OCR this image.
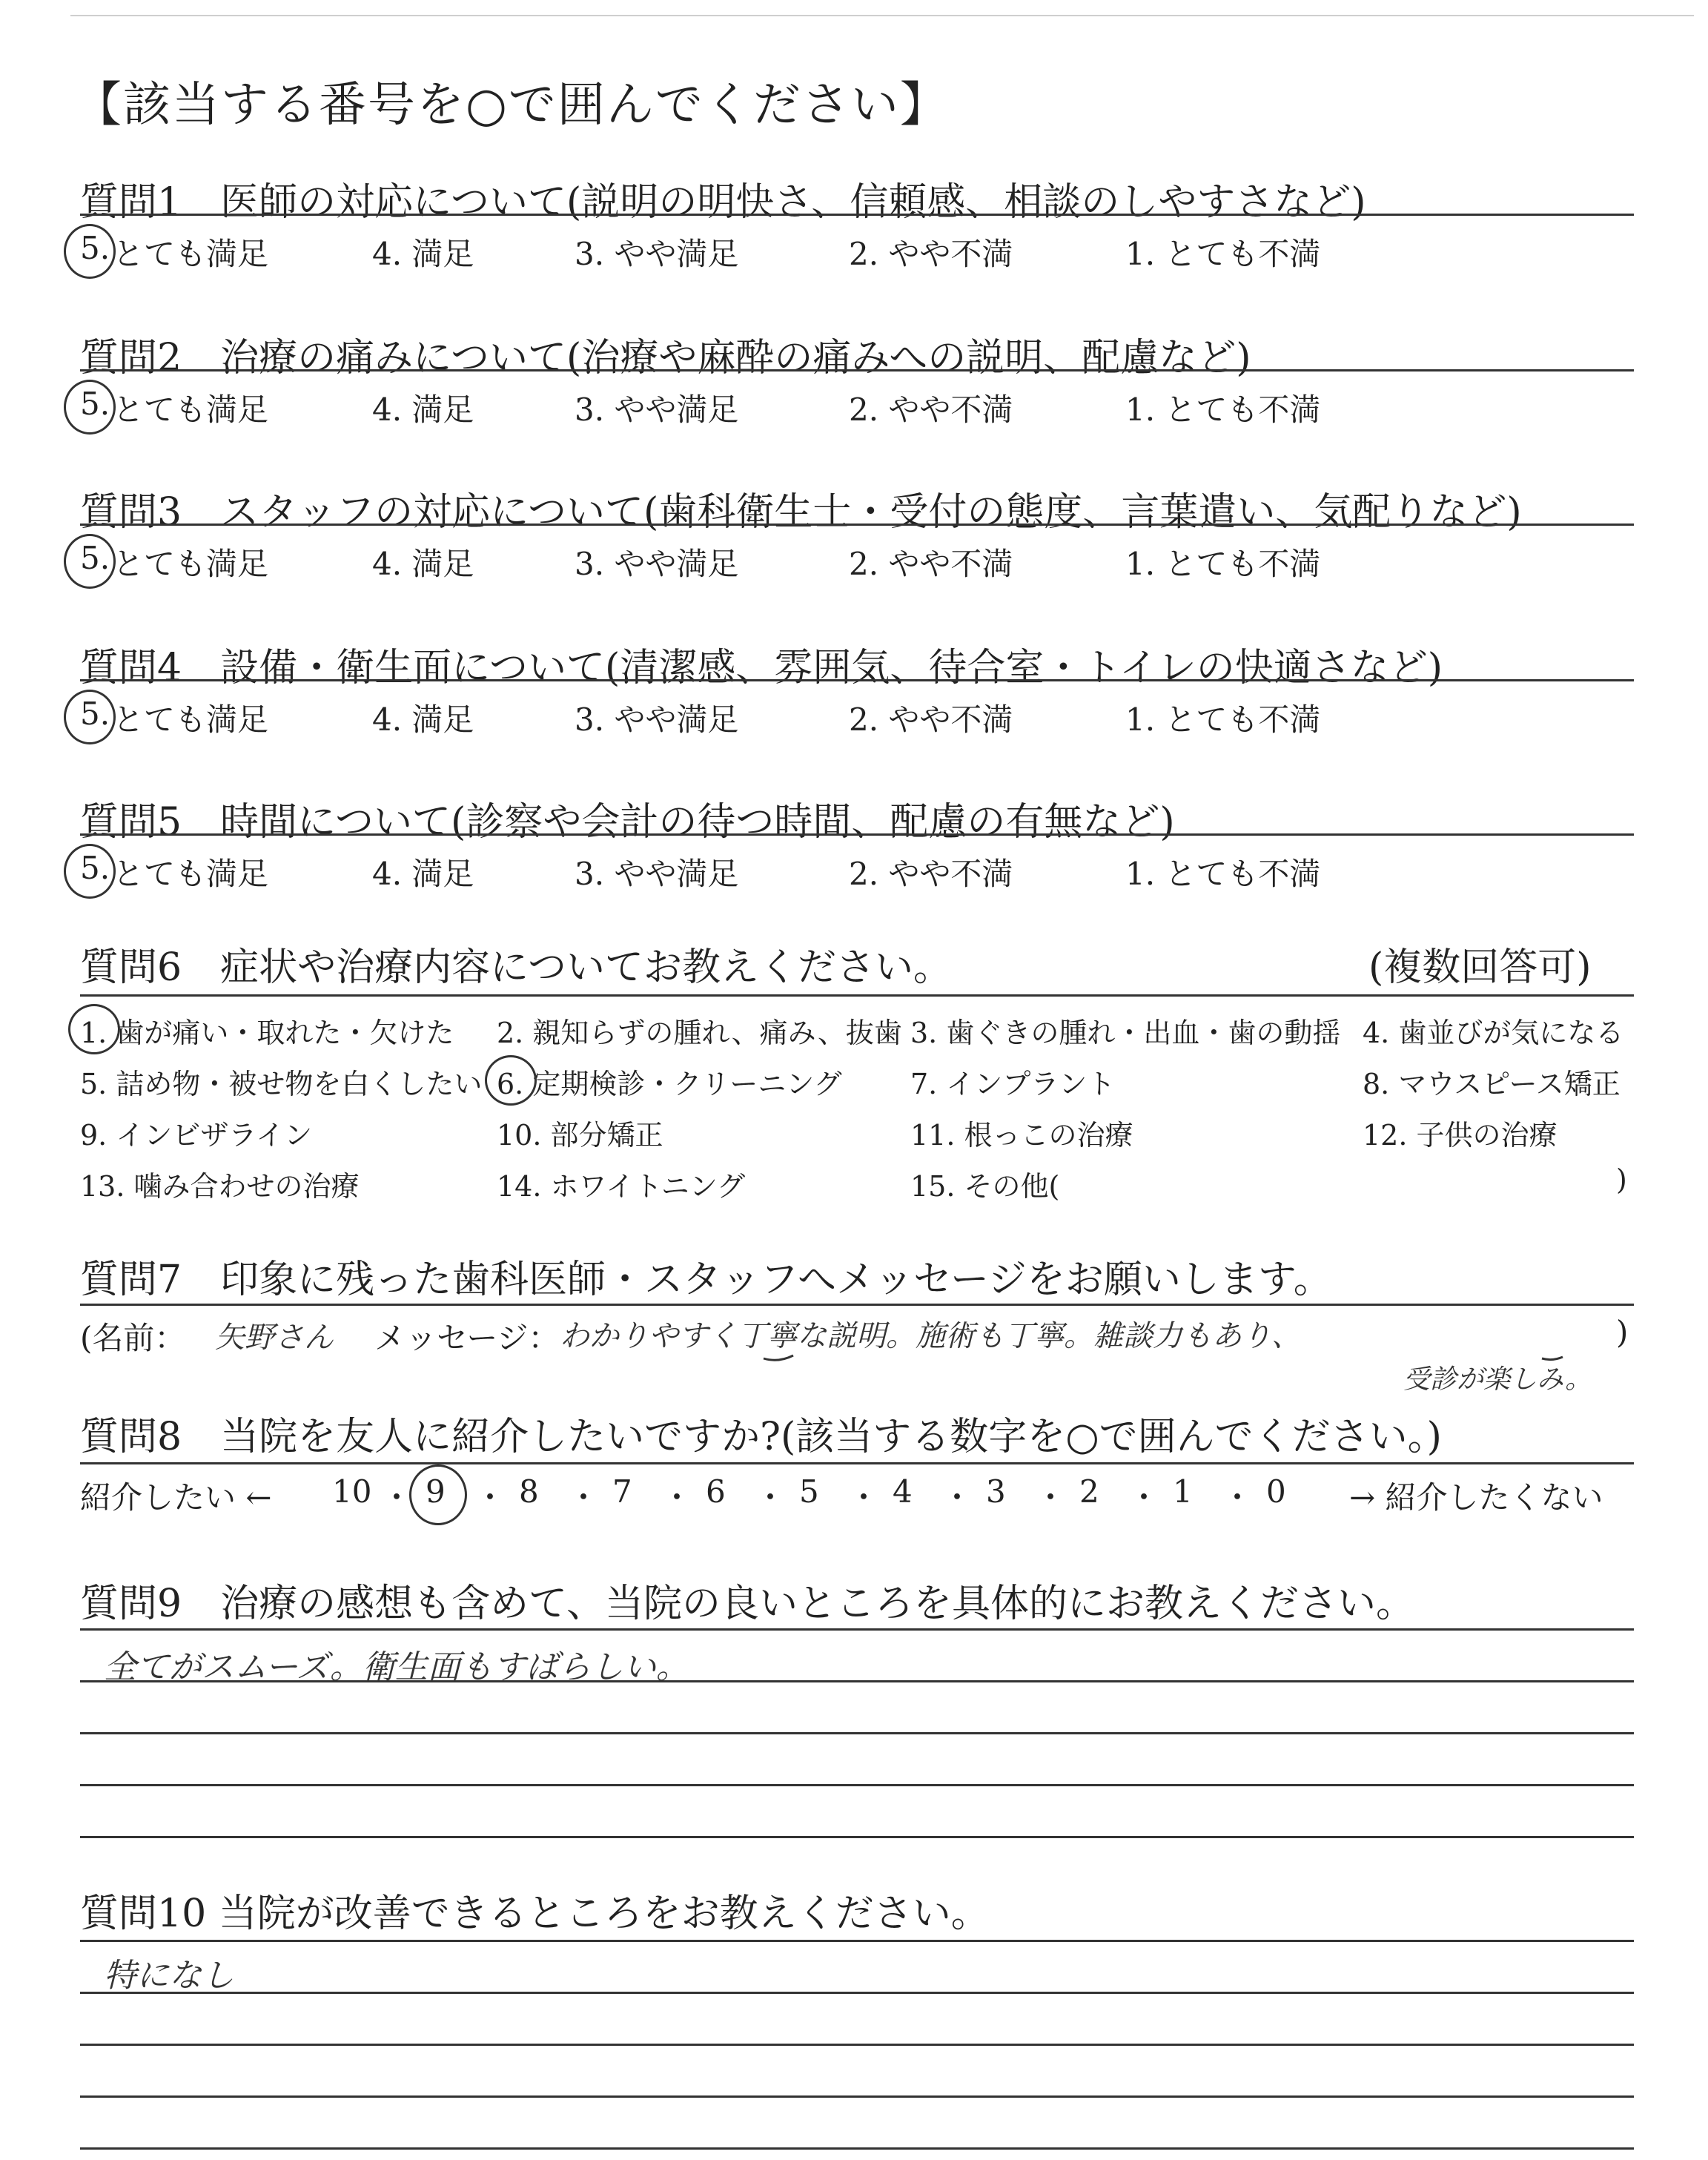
【該当する番号を○で囲んでください】
質問1　医師の対応について(説明の明快さ、信頼感、相談のしやすさなど)
5. とても満足	4. 満足	3. やや満足	2. やや不満	1. とても不満
質問2　治療の痛みについて(治療や麻酔の痛みへの説明、配慮など)
5. とても満足	4. 満足	3. やや満足	2. やや不満	1. とても不満
質問3　スタッフの対応について(歯科衛生士・受付の態度、言葉遣い、気配りなど)
5. とても満足	4. 満足	3. やや満足	2. やや不満	1. とても不満
質問4　設備・衛生面について(清潔感、雰囲気、待合室・トイレの快適さなど)
5. とても満足	4. 満足	3. やや満足	2. やや不満	1. とても不満
質問5　時間について(診察や会計の待つ時間、配慮の有無など)
5. とても満足	4. 満足	3. やや満足	2. やや不満	1. とても不満
質問6　症状や治療内容についてお教えください。	(複数回答可)
1. 歯が痛い・取れた・欠けた 2. 親知らずの腫れ、痛み、抜歯 3. 歯ぐきの腫れ・出血・歯の動揺 4. 歯並びが気になる
5. 詰め物・被せ物を白くしたい 6. 定期検診・クリーニング 7. インプラント	8. マウスピース矯正
9. インビザライン	10. 部分矯正	11. 根っこの治療	12. 子供の治療
13. 噛み合わせの治療	14. ホワイトニング	15. その他(	)
質問7　印象に残った歯科医師・スタッフへメッセージをお願いします。
(名前： 矢野さん メッセージ： わかりやすく丁寧な説明。施術も丁寧。雑談力もあり、
受診が楽しみ。
)
質問8　当院を友人に紹介したいですか?(該当する数字を○で囲んでください。)
紹介したい ←	→ 紹介したくない
10 ・ 9 ・ 8 ・ 7 ・ 6 ・ 5 ・ 4 ・ 3 ・ 2 ・ 1 ・ 0
質問9　治療の感想も含めて、当院の良いところを具体的にお教えください。
全てがスムーズ。衛生面もすばらしい。
質問10 当院が改善できるところをお教えください。
特になし
